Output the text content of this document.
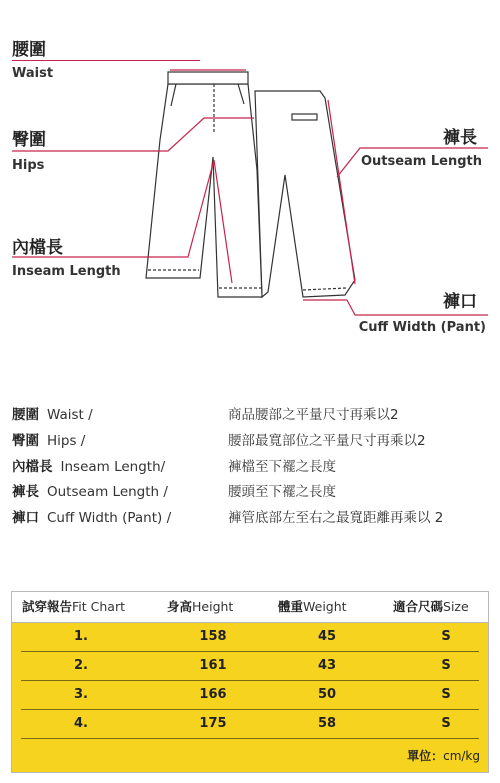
腰圍
Waist
臀圍
Hips
內檔長
Inseam Length
褲長
Outseam Length
褲口
Cuff Width (Pant)
腰圍 Waist /	商品腰部之平量尺寸再乘以2
臀圍 Hips /	腰部最寬部位之平量尺寸再乘以2
內檔長 Inseam Length/	褲檔至下襬之長度
褲長 Outseam Length /	腰頭至下襬之長度
褲口 Cuff Width (Pant) /	褲管底部左至右之最寬距離再乘以 2
試穿報告Fit Chart	身高Height	體重Weight	適合尺碼Size
1.	158	45	S
2.	161	43	S
3.	166	50	S
4.	175	58	S
單位：cm/kg
